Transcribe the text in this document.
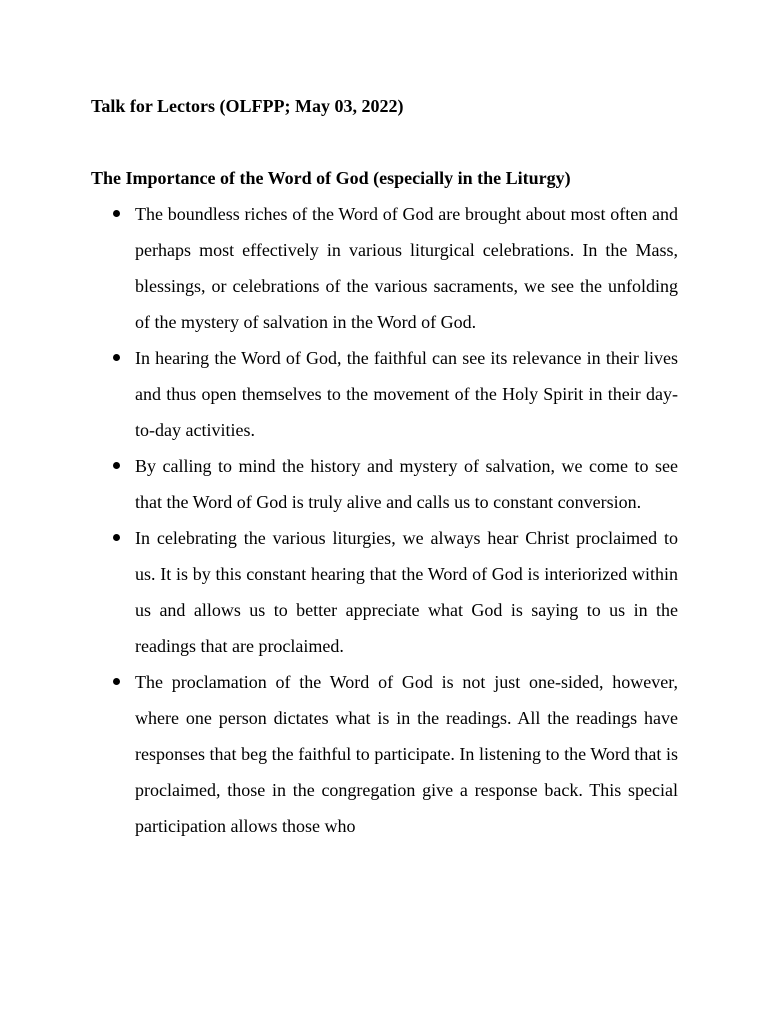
Talk for Lectors (OLFPP; May 03, 2022)
The Importance of the Word of God (especially in the Liturgy)

The boundless riches of the Word of God are brought about most often and perhaps most effectively in various liturgical celebrations. In the Mass, blessings, or celebrations of the various sacraments, we see the unfolding of the mystery of salvation in the Word of God.

In hearing the Word of God, the faithful can see its relevance in their lives and thus open themselves to the movement of the Holy Spirit in their day-to-day activities.

By calling to mind the history and mystery of salvation, we come to see that the Word of God is truly alive and calls us to constant conversion.

In celebrating the various liturgies, we always hear Christ proclaimed to us. It is by this constant hearing that the Word of God is interiorized within us and allows us to better appreciate what God is saying to us in the readings that are proclaimed.

The proclamation of the Word of God is not just one-sided, however, where one person dictates what is in the readings. All the readings have responses that beg the faithful to participate. In listening to the Word that is proclaimed, those in the congregation give a response back. This special participation allows those who
